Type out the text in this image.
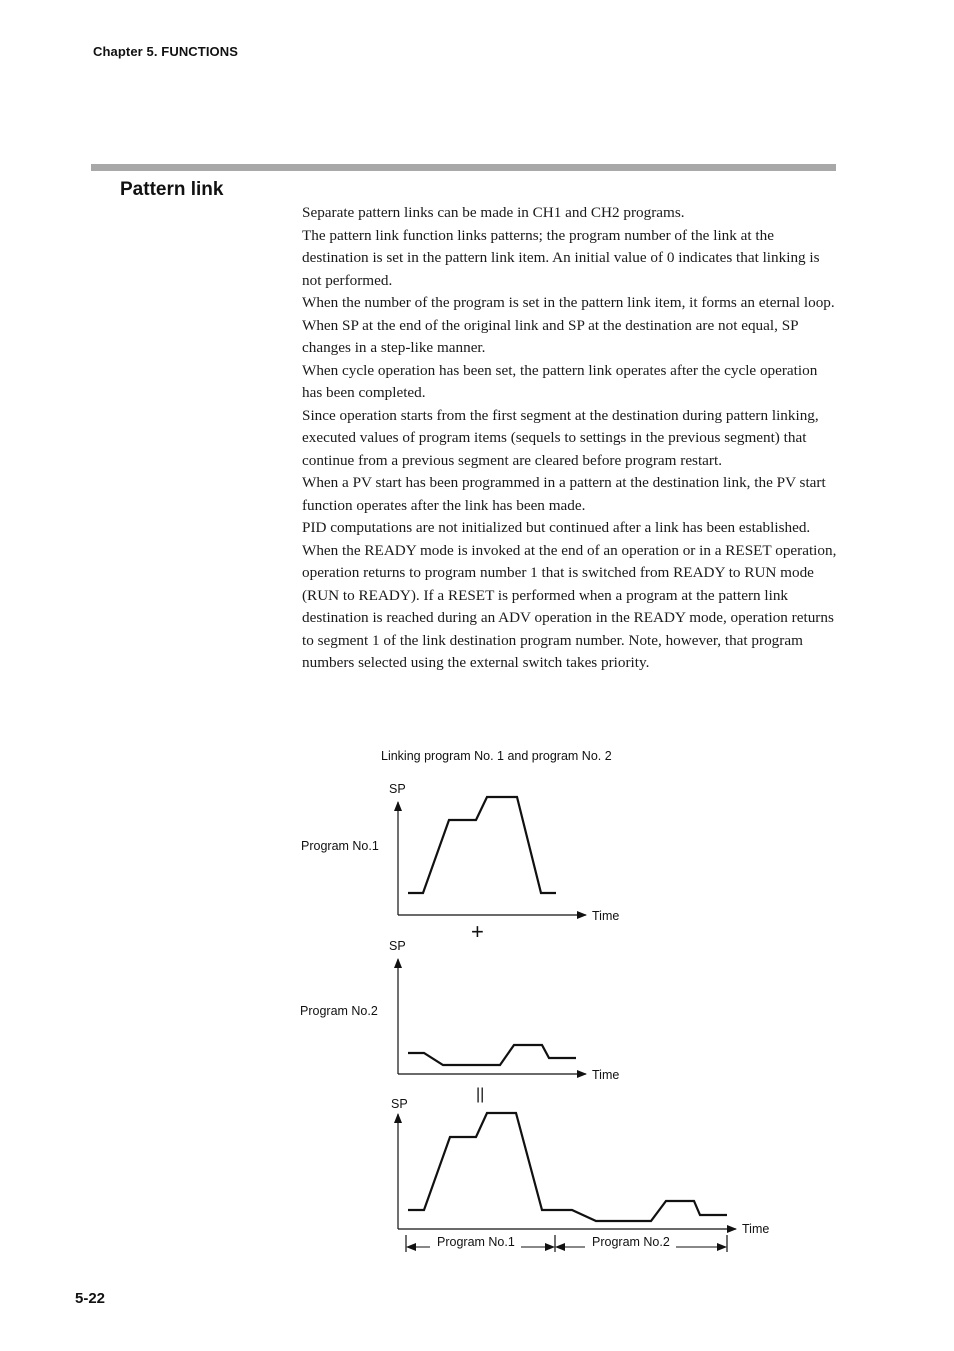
Chapter 5. FUNCTIONS
Pattern link

Separate pattern links can be made in CH1 and CH2 programs.

The pattern link function links patterns; the program number of the link at the destination is set in the pattern link item. An initial value of 0 indicates that linking is not performed.

When the number of the program is set in the pattern link item, it forms an eternal loop.

When SP at the end of the original link and SP at the destination are not equal, SP changes in a step-like manner.

When cycle operation has been set, the pattern link operates after the cycle operation has been completed.

Since operation starts from the first segment at the destination during pattern linking, executed values of program items (sequels to settings in the previous segment) that continue from a previous segment are cleared before program restart.

When a PV start has been programmed in a pattern at the destination link, the PV start function operates after the link has been made.

PID computations are not initialized but continued after a link has been established.

When the READY mode is invoked at the end of an operation or in a RESET operation, operation returns to program number 1 that is switched from READY to RUN mode (RUN to READY). If a RESET is performed when a program at the pattern link destination is reached during an ADV operation in the READY mode, operation returns to segment 1 of the link destination program number. Note, however, that program numbers selected using the external switch takes priority.

Linking program No. 1 and program No. 2
SP
Time
Program No.1
+
SP
Time
Program No.2
||
SP
Time
Program No.1	Program No.2
5-22
